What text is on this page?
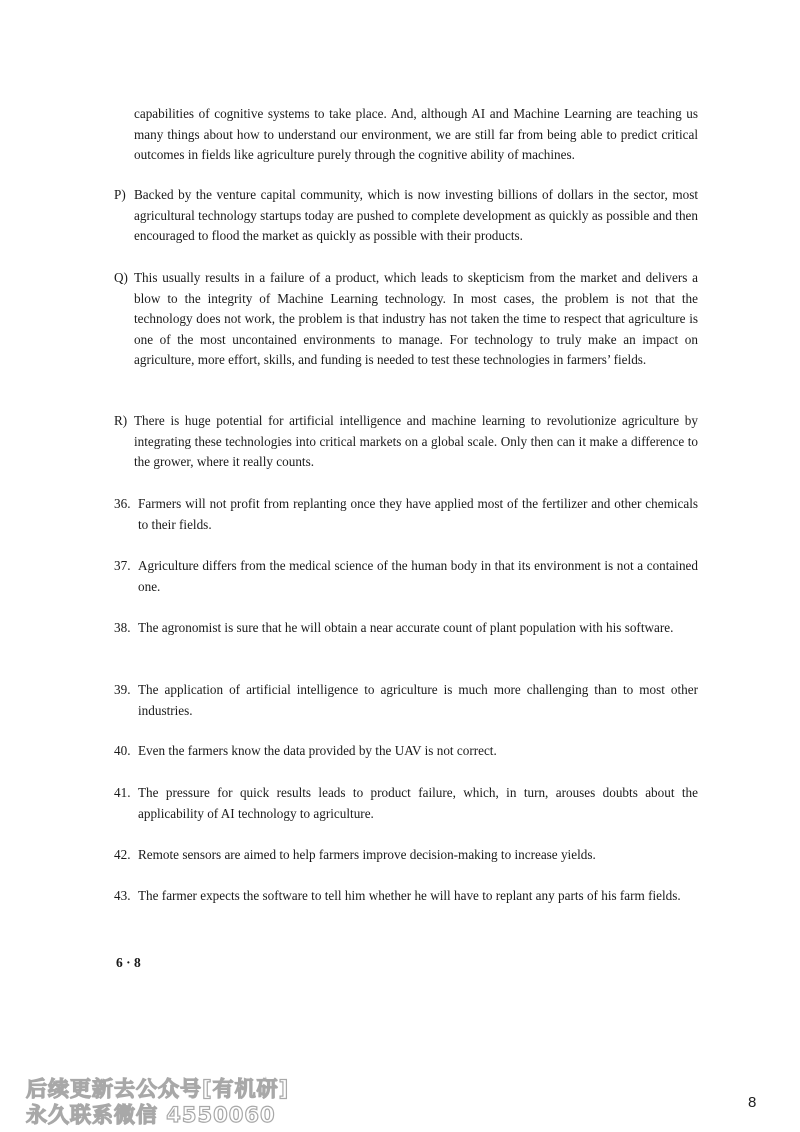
capabilities of cognitive systems to take place. And, although AI and Machine Learning are teaching us many things about how to understand our environment, we are still far from being able to predict critical outcomes in fields like agriculture purely through the cognitive ability of machines.

P) Backed by the venture capital community, which is now investing billions of dollars in the sector, most agricultural technology startups today are pushed to complete development as quickly as possible and then encouraged to flood the market as quickly as possible with their products.

Q) This usually results in a failure of a product, which leads to skepticism from the market and delivers a blow to the integrity of Machine Learning technology. In most cases, the problem is not that the technology does not work, the problem is that industry has not taken the time to respect that agriculture is one of the most uncontained environments to manage. For technology to truly make an impact on agriculture, more effort, skills, and funding is needed to test these technologies in farmers’ fields.

R) There is huge potential for artificial intelligence and machine learning to revolutionize agriculture by integrating these technologies into critical markets on a global scale. Only then can it make a difference to the grower, where it really counts.

36. Farmers will not profit from replanting once they have applied most of the fertilizer and other chemicals to their fields.
37. Agriculture differs from the medical science of the human body in that its environment is not a contained one.
38. The agronomist is sure that he will obtain a near accurate count of plant population with his software.
39. The application of artificial intelligence to agriculture is much more challenging than to most other industries.
40. Even the farmers know the data provided by the UAV is not correct.
41. The pressure for quick results leads to product failure, which, in turn, arouses doubts about the applicability of AI technology to agriculture.
42. Remote sensors are aimed to help farmers improve decision-making to increase yields.
43. The farmer expects the software to tell him whether he will have to replant any parts of his farm fields.
6 · 8
后续更新去公众号[有机研]
永久联系微信 4550060
8
